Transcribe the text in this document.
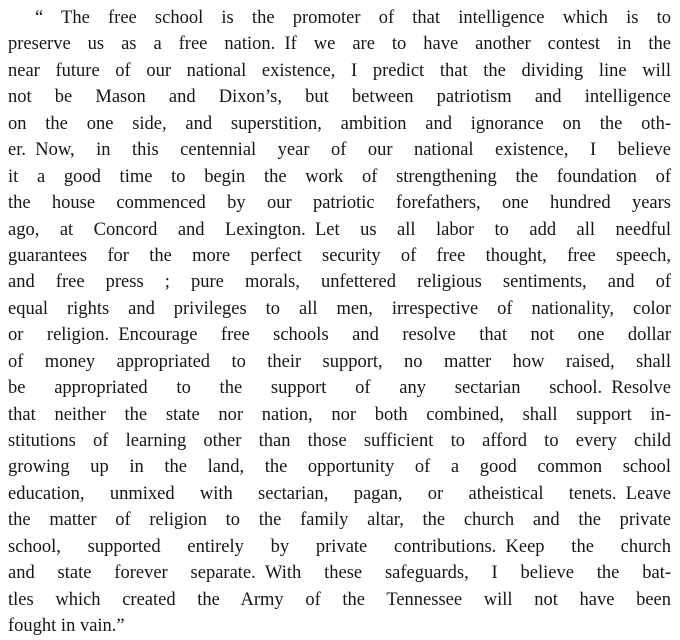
“ The free school is the promoter of that intelligence which is to
preserve us as a free nation. If we are to have another contest in the
near future of our national existence, I predict that the dividing line will
not be Mason and Dixon’s, but between patriotism and intelligence
on the one side, and superstition, ambition and ignorance on the oth-
er. Now, in this centennial year of our national existence, I believe
it a good time to begin the work of strengthening the foundation of
the house commenced by our patriotic forefathers, one hundred years
ago, at Concord and Lexington. Let us all labor to add all needful
guarantees for the more perfect security of free thought, free speech,
and free press ; pure morals, unfettered religious sentiments, and of
equal rights and privileges to all men, irrespective of nationality, color
or religion. Encourage free schools and resolve that not one dollar
of money appropriated to their support, no matter how raised, shall
be appropriated to the support of any sectarian school. Resolve
that neither the state nor nation, nor both combined, shall support in-
stitutions of learning other than those sufficient to afford to every child
growing up in the land, the opportunity of a good common school
education, unmixed with sectarian, pagan, or atheistical tenets. Leave
the matter of religion to the family altar, the church and the private
school, supported entirely by private contributions. Keep the church
and state forever separate. With these safeguards, I believe the bat-
tles which created the Army of the Tennessee will not have been
fought in vain.”
